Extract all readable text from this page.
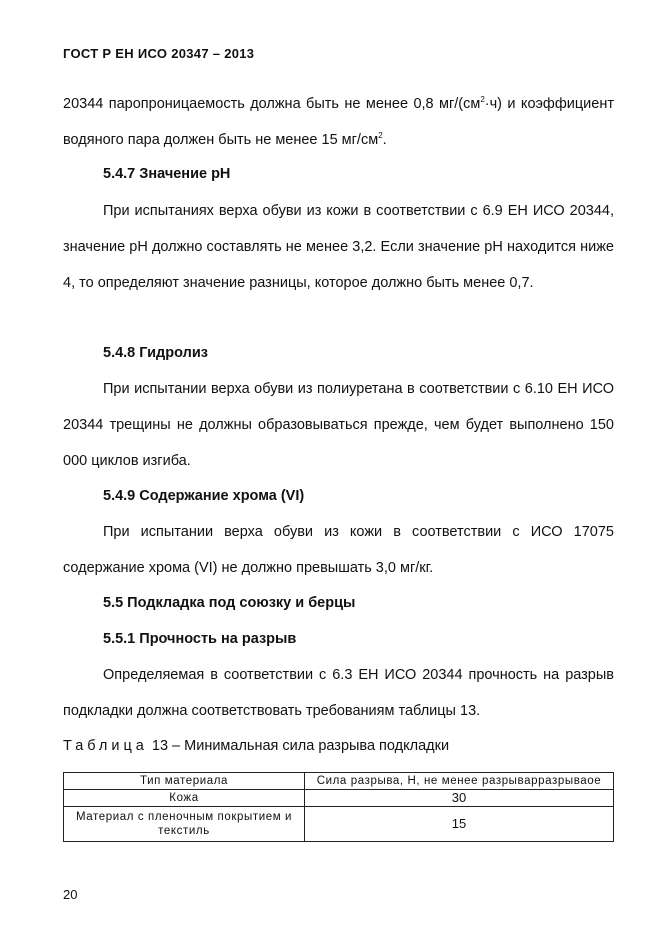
ГОСТ Р ЕН ИСО 20347 – 2013

20344 паропроницаемость должна быть не менее 0,8 $мг/(см^2\cdot ч)$ и коэффициент водяного пара должен быть не менее 15 $мг/см^2$.

5.4.7 Значение рН

При испытаниях верха обуви из кожи в соответствии с 6.9 ЕН ИСО 20344, значение рН должно составлять не менее 3,2. Если значение рН находится ниже 4, то определяют значение разницы, которое должно быть менее 0,7.

5.4.8 Гидролиз

При испытании верха обуви из полиуретана в соответствии с 6.10 ЕН ИСО 20344 трещины не должны образовываться прежде, чем будет выполнено 150 000 циклов изгиба.

5.4.9 Содержание хрома (VI)

При испытании верха обуви из кожи в соответствии с ИСО 17075 содержание хрома (VI) не должно превышать 3,0 мг/кг.

5.5 Подкладка под союзку и берцы
5.5.1 Прочность на разрыв

Определяемая в соответствии с 6.3 ЕН ИСО 20344 прочность на разрыв подкладки должна соответствовать требованиям таблицы 13.

Таблица 13 – Минимальная сила разрыва подкладки
Тип материала	Сила разрыва, Н, не менее разрыварразрываое
Кожа	30
Материал с пленочным покрытием и текстиль	15
20
